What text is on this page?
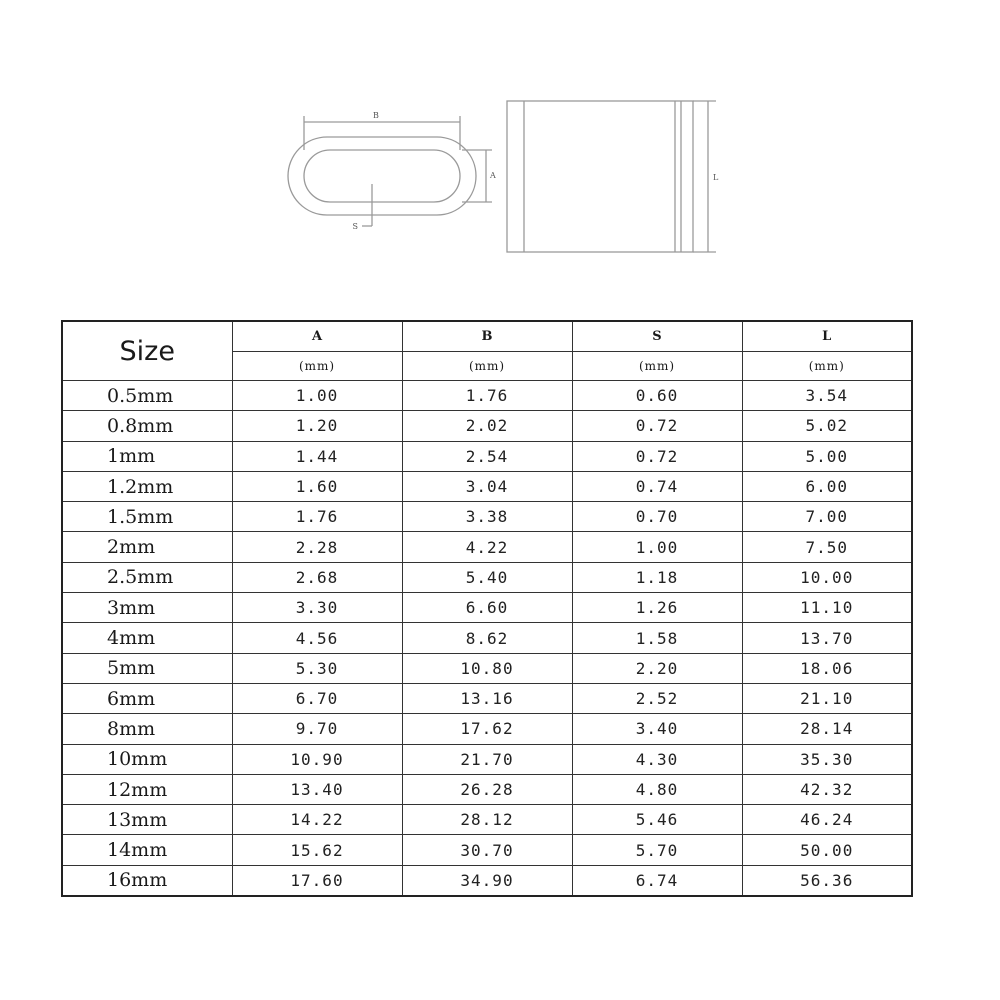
B
A
S
L
Size	A	B	S	L
	(mm)	(mm)	(mm)	(mm)
0.5mm	1.00	1.76	0.60	3.54
0.8mm	1.20	2.02	0.72	5.02
1mm	1.44	2.54	0.72	5.00
1.2mm	1.60	3.04	0.74	6.00
1.5mm	1.76	3.38	0.70	7.00
2mm	2.28	4.22	1.00	7.50
2.5mm	2.68	5.40	1.18	10.00
3mm	3.30	6.60	1.26	11.10
4mm	4.56	8.62	1.58	13.70
5mm	5.30	10.80	2.20	18.06
6mm	6.70	13.16	2.52	21.10
8mm	9.70	17.62	3.40	28.14
10mm	10.90	21.70	4.30	35.30
12mm	13.40	26.28	4.80	42.32
13mm	14.22	28.12	5.46	46.24
14mm	15.62	30.70	5.70	50.00
16mm	17.60	34.90	6.74	56.36
